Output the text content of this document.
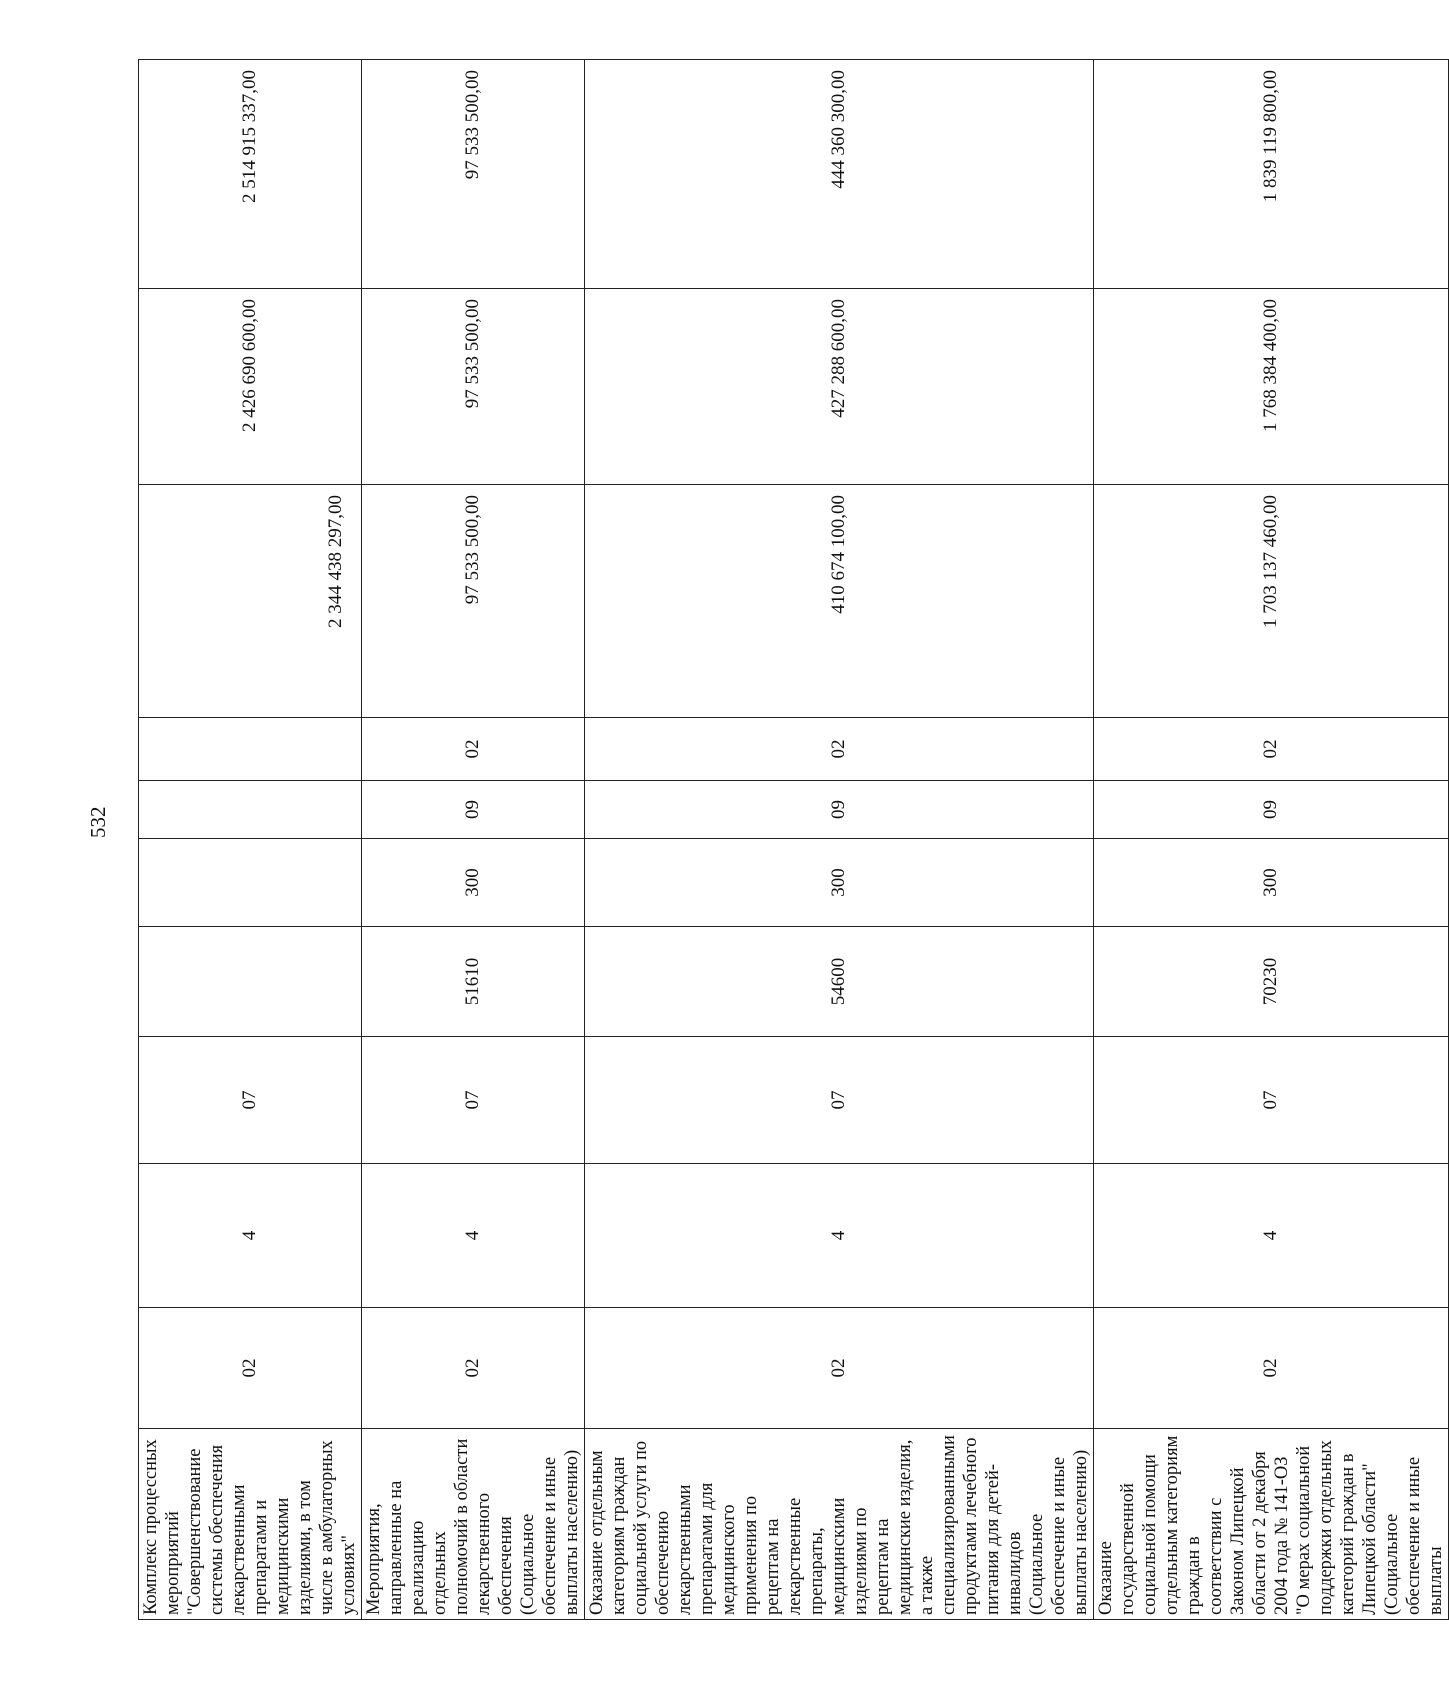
532
Комплекс процессных мероприятий "Совершенствование системы обеспечения лекарственными препаратами и медицинскими изделиями, в том числе в амбулаторных условиях"	02	4	07					2 344 438 297,00	2 426 690 600,00	2 514 915 337,00
Мероприятия, направленные на реализацию отдельных полномочий в области лекарственного обеспечения (Социальное обеспечение и иные выплаты населению)	02	4	07	51610	300	09	02	97 533 500,00	97 533 500,00	97 533 500,00
Оказание отдельным категориям граждан социальной услуги по обеспечению лекарственными препаратами для медицинского применения по рецептам на лекарственные препараты, медицинскими изделиями по рецептам на медицинские изделия, а также специализированными продуктами лечебного питания для детей-инвалидов (Социальное обеспечение и иные выплаты населению)	02	4	07	54600	300	09	02	410 674 100,00	427 288 600,00	444 360 300,00
Оказание государственной социальной помощи отдельным категориям граждан в соответствии с Законом Липецкой области от 2 декабря 2004 года № 141-ОЗ "О мерах социальной поддержки отдельных категорий граждан в Липецкой области" (Социальное обеспечение и иные выплаты	02	4	07	70230	300	09	02	1 703 137 460,00	1 768 384 400,00	1 839 119 800,00
